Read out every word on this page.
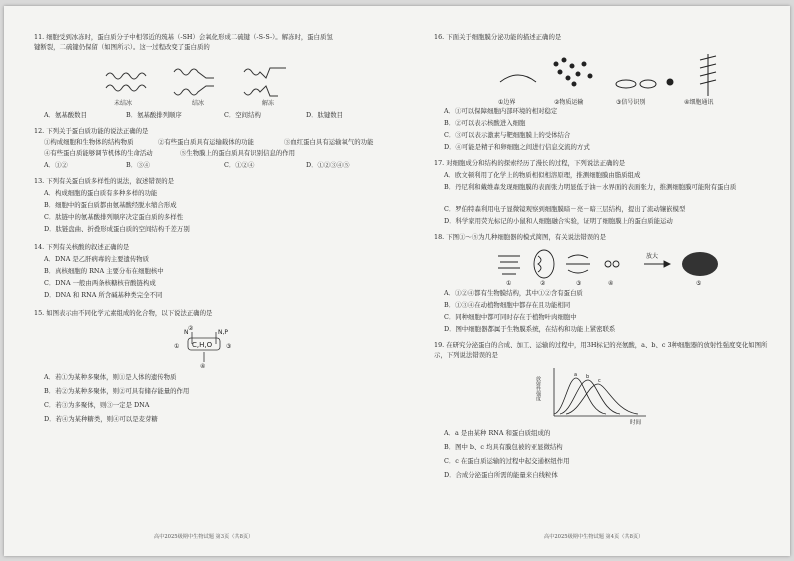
11. 细胞受到冰冻时，蛋白质分子中相邻近的巯基（-SH）会氧化形成二硫键（-S-S-）。解冻时，蛋白质氢
键断裂，二硫键仍保留（如图所示）。这一过程改变了蛋白质的
未结冰	结冰	解冻
A．氨基酸数目	B．氨基酸排列顺序	C．空间结构	D．肽键数目
12. 下列关于蛋白质功能的说法正确的是
①构成细胞和生物体的结构物质	②有些蛋白质具有运输载体的功能	③血红蛋白具有运输氧气的功能
④有些蛋白质能够调节机体的生命活动	⑤生物膜上的蛋白质具有识别信息的作用
A．①②	B．③④	C．①②④	D．①②③④⑤
13. 下列有关蛋白质多样性的说法，叙述错误的是
A．构成细胞的蛋白质有多种多样的功能
B．细胞中的蛋白质都由氨基酸经脱水缩合形成
C．肽链中的氨基酸排列顺序决定蛋白质的多样性
D．肽链盘曲、折叠形成蛋白质的空间结构千差万别
14. 下列有关核酸的叙述正确的是
A．DNA 是乙肝病毒的主要遗传物质
B．真核细胞的 RNA 主要分布在细胞核中
C．DNA 一般由两条核糖核苷酸链构成
D．DNA 和 RNA 所含碱基种类完全不同
15. 如图表示由不同化学元素组成的化合物，以下说法正确的是
C,H,O
N	N,P
①	③
④
②
A．若①为某种多聚体，则①是人体的遗传物质
B．若②为某种多聚体，则②可具有储存能量的作用
C．若③为多聚体，则③一定是 DNA
D．若④为某种糖类，则④可以是麦芽糖
高中2025级期中生物试题 第3页（共8页）
16. 下面关于细胞膜分泌功能的描述正确的是
①边界	②物质运输	③信号识别	④细胞通讯
A．①可以保障细胞内部环境的相对稳定
B．②可以表示核酸进入细胞
C．③可以表示激素与靶细胞膜上的受体结合
D．④可能是精子和卵细胞之间进行信息交流的方式
17. 对细胞成分和结构的探索经历了漫长的过程，下列说法正确的是
A．欧文顿利用了化学上的物质相似相溶原理，推测细胞膜由脂质组成
B．丹尼利和戴维森发现细胞膜的表面张力明显低于油－水界面的表面张力，推测细胞膜可能附有蛋白质
C．罗伯特森利用电子显微镜观察到细胞膜暗－亮－暗三层结构，提出了流动镶嵌模型
D．科学家用荧光标记的小鼠和人细胞融合实验，证明了细胞膜上的蛋白质能运动
18. 下图①～⑤为几种细胞器的模式简图，有关说法错误的是
①	②	③	④	⑤
放大
A．①②④都有生物膜结构，其中①②含有蛋白质
B．①③④在动植物细胞中都存在且功能相同
C．同种细胞中都可同时存在于植物叶肉细胞中
D．图中细胞器都属于生物膜系统，在结构和功能上紧密联系
19. 在研究分泌蛋白的合成、加工、运输的过程中，用3H标记的亮氨酸，a、b、c 3种细胞器的放射性强度变化如图所
示，下列说法错误的是
放射性强度
时间
a b
c
A．a 是由某种 RNA 和蛋白质组成的
B．图中 b、c 均具有膜包被的亚显微结构
C．c 在蛋白质运输的过程中起交通枢纽作用
D．合成分泌蛋白所需的能量来自线粒体
高中2025级期中生物试题 第4页（共8页）
